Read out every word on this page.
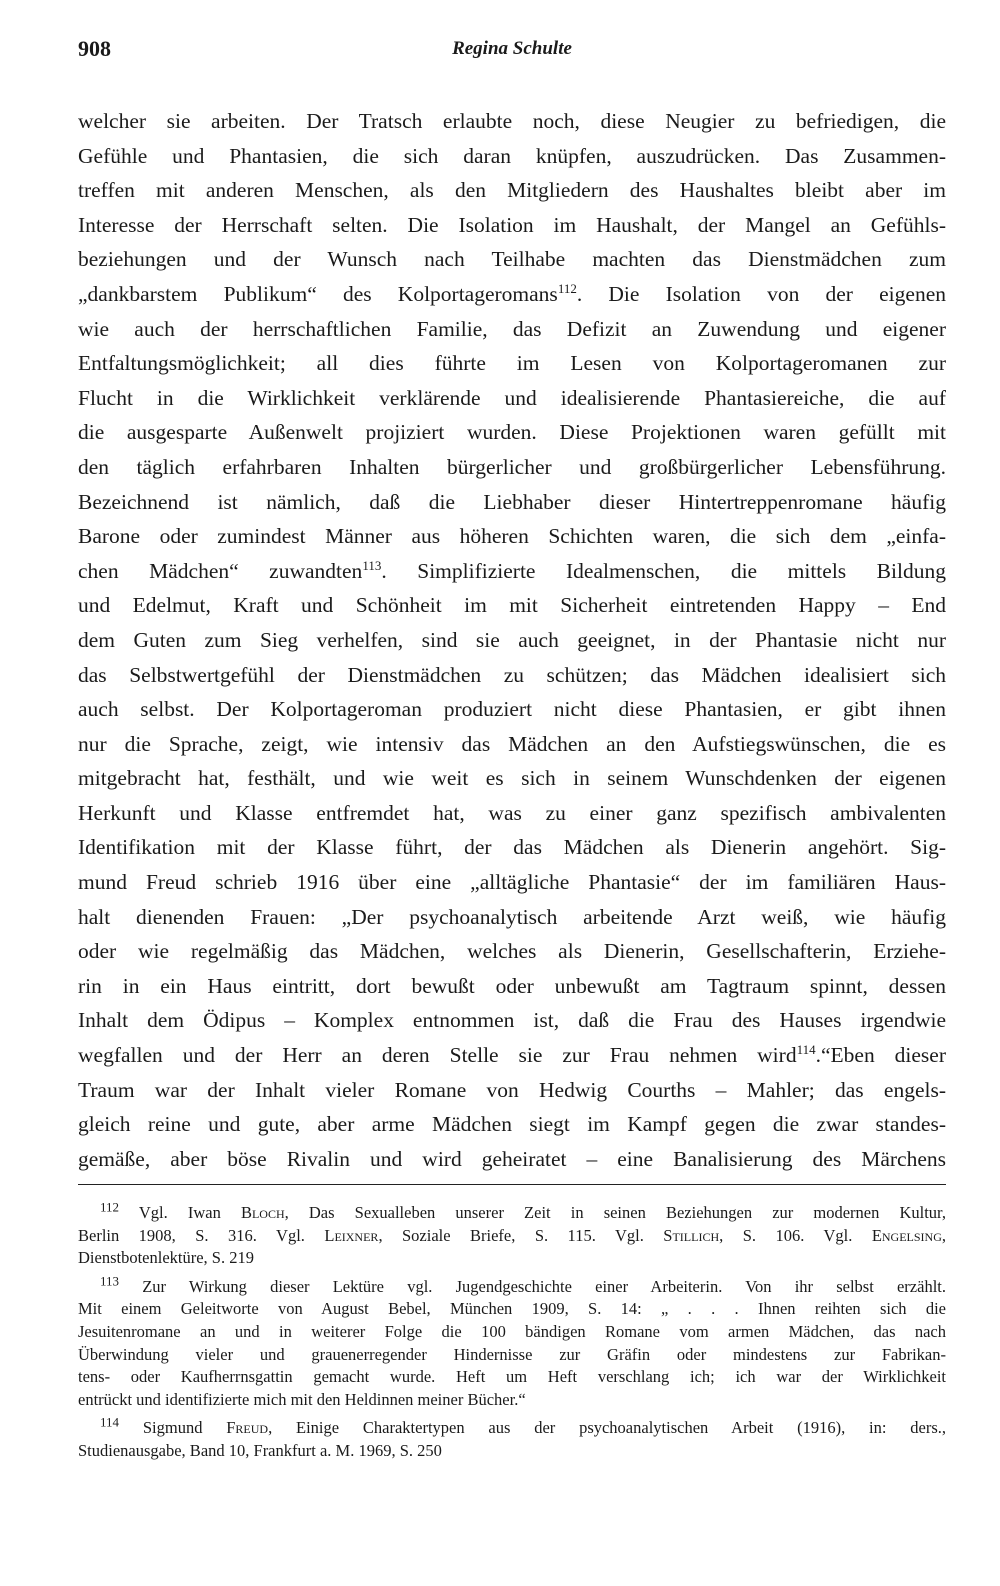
908	Regina Schulte
welcher sie arbeiten. Der Tratsch erlaubte noch, diese Neugier zu befriedigen, die
Gefühle und Phantasien, die sich daran knüpfen, auszudrücken. Das Zusammen-
treffen mit anderen Menschen, als den Mitgliedern des Haushaltes bleibt aber im
Interesse der Herrschaft selten. Die Isolation im Haushalt, der Mangel an Gefühls-
beziehungen und der Wunsch nach Teilhabe machten das Dienstmädchen zum
„dankbarstem Publikum“ des Kolportageromans$^{112}$. Die Isolation von der eigenen
wie auch der herrschaftlichen Familie, das Defizit an Zuwendung und eigener
Entfaltungsmöglichkeit; all dies führte im Lesen von Kolportageromanen zur
Flucht in die Wirklichkeit verklärende und idealisierende Phantasiereiche, die auf
die ausgesparte Außenwelt projiziert wurden. Diese Projektionen waren gefüllt mit
den täglich erfahrbaren Inhalten bürgerlicher und großbürgerlicher Lebensführung.
Bezeichnend ist nämlich, daß die Liebhaber dieser Hintertreppenromane häufig
Barone oder zumindest Männer aus höheren Schichten waren, die sich dem „einfa-
chen Mädchen“ zuwandten$^{113}$. Simplifizierte Idealmenschen, die mittels Bildung
und Edelmut, Kraft und Schönheit im mit Sicherheit eintretenden Happy – End
dem Guten zum Sieg verhelfen, sind sie auch geeignet, in der Phantasie nicht nur
das Selbstwertgefühl der Dienstmädchen zu schützen; das Mädchen idealisiert sich
auch selbst. Der Kolportageroman produziert nicht diese Phantasien, er gibt ihnen
nur die Sprache, zeigt, wie intensiv das Mädchen an den Aufstiegswünschen, die es
mitgebracht hat, festhält, und wie weit es sich in seinem Wunschdenken der eigenen
Herkunft und Klasse entfremdet hat, was zu einer ganz spezifisch ambivalenten
Identifikation mit der Klasse führt, der das Mädchen als Dienerin angehört. Sig-
mund Freud schrieb 1916 über eine „alltägliche Phantasie“ der im familiären Haus-
halt dienenden Frauen: „Der psychoanalytisch arbeitende Arzt weiß, wie häufig
oder wie regelmäßig das Mädchen, welches als Dienerin, Gesellschafterin, Erziehe-
rin in ein Haus eintritt, dort bewußt oder unbewußt am Tagtraum spinnt, dessen
Inhalt dem Ödipus – Komplex entnommen ist, daß die Frau des Hauses irgendwie
wegfallen und der Herr an deren Stelle sie zur Frau nehmen wird$^{114}$.“Eben dieser
Traum war der Inhalt vieler Romane von Hedwig Courths – Mahler; das engels-
gleich reine und gute, aber arme Mädchen siegt im Kampf gegen die zwar standes-
gemäße, aber böse Rivalin und wird geheiratet – eine Banalisierung des Märchens
$^{112}$ Vgl. Iwan Bloch, Das Sexualleben unserer Zeit in seinen Beziehungen zur modernen Kultur,
Berlin 1908, S. 316. Vgl. Leixner, Soziale Briefe, S. 115. Vgl. Stillich, S. 106. Vgl. Engelsing,
Dienstbotenlektüre, S. 219
$^{113}$ Zur Wirkung dieser Lektüre vgl. Jugendgeschichte einer Arbeiterin. Von ihr selbst erzählt.
Mit einem Geleitworte von August Bebel, München 1909, S. 14: „ . . . Ihnen reihten sich die
Jesuitenromane an und in weiterer Folge die 100 bändigen Romane vom armen Mädchen, das nach
Überwindung vieler und grauenerregender Hindernisse zur Gräfin oder mindestens zur Fabrikan-
tens- oder Kaufherrnsgattin gemacht wurde. Heft um Heft verschlang ich; ich war der Wirklichkeit
entrückt und identifizierte mich mit den Heldinnen meiner Bücher.“
$^{114}$ Sigmund Freud, Einige Charaktertypen aus der psychoanalytischen Arbeit (1916), in: ders.,
Studienausgabe, Band 10, Frankfurt a. M. 1969, S. 250
